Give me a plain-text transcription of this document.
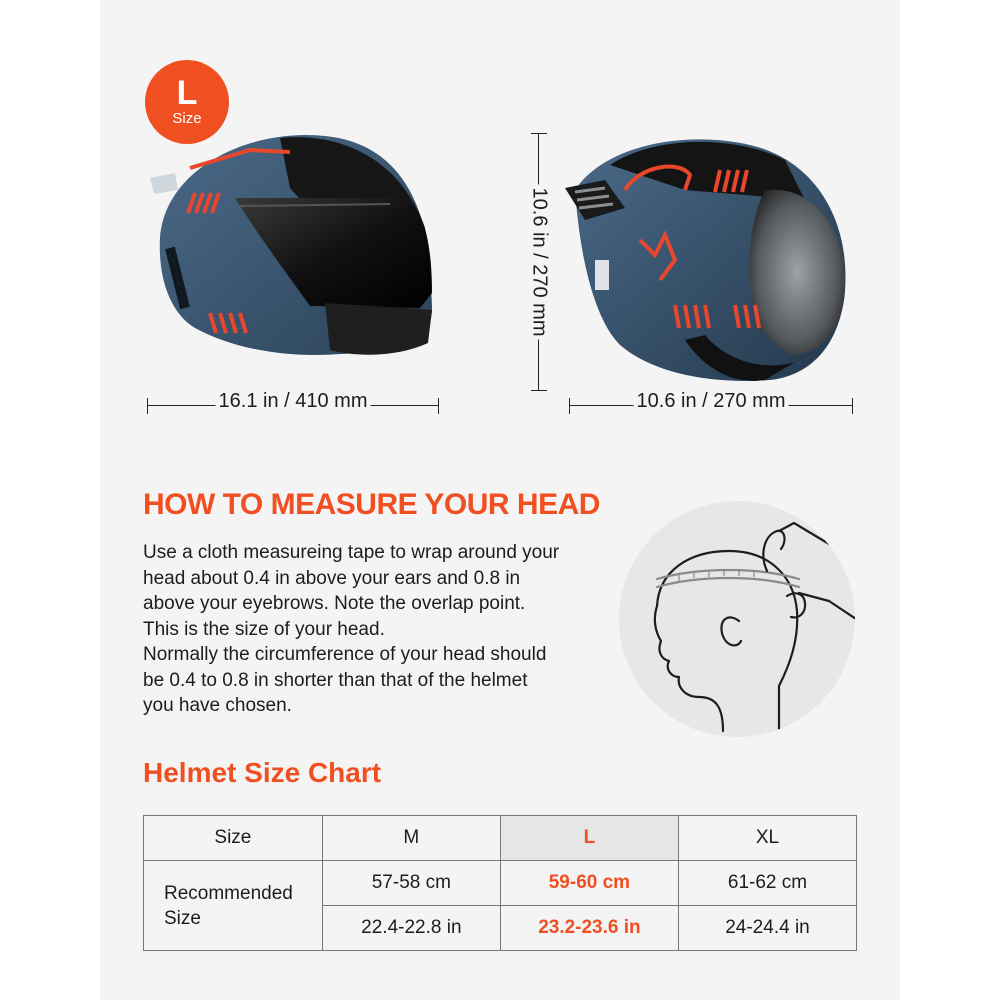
L
Size
16.1 in / 410 mm
10.6 in / 270 mm
10.6 in / 270 mm
HOW TO MEASURE YOUR HEAD

Use a cloth measureing tape to wrap around your

head about 0.4 in above your ears and 0.8 in

above your eyebrows. Note the overlap point.

This is the size of your head.

Normally the circumference of your head should

be 0.4 to 0.8 in shorter than that of the helmet

you have chosen.

Helmet Size Chart
Size	M	L	XL
Recommended
Size	57-58 cm	59-60 cm	61-62 cm
	22.4-22.8 in	23.2-23.6 in	24-24.4 in
